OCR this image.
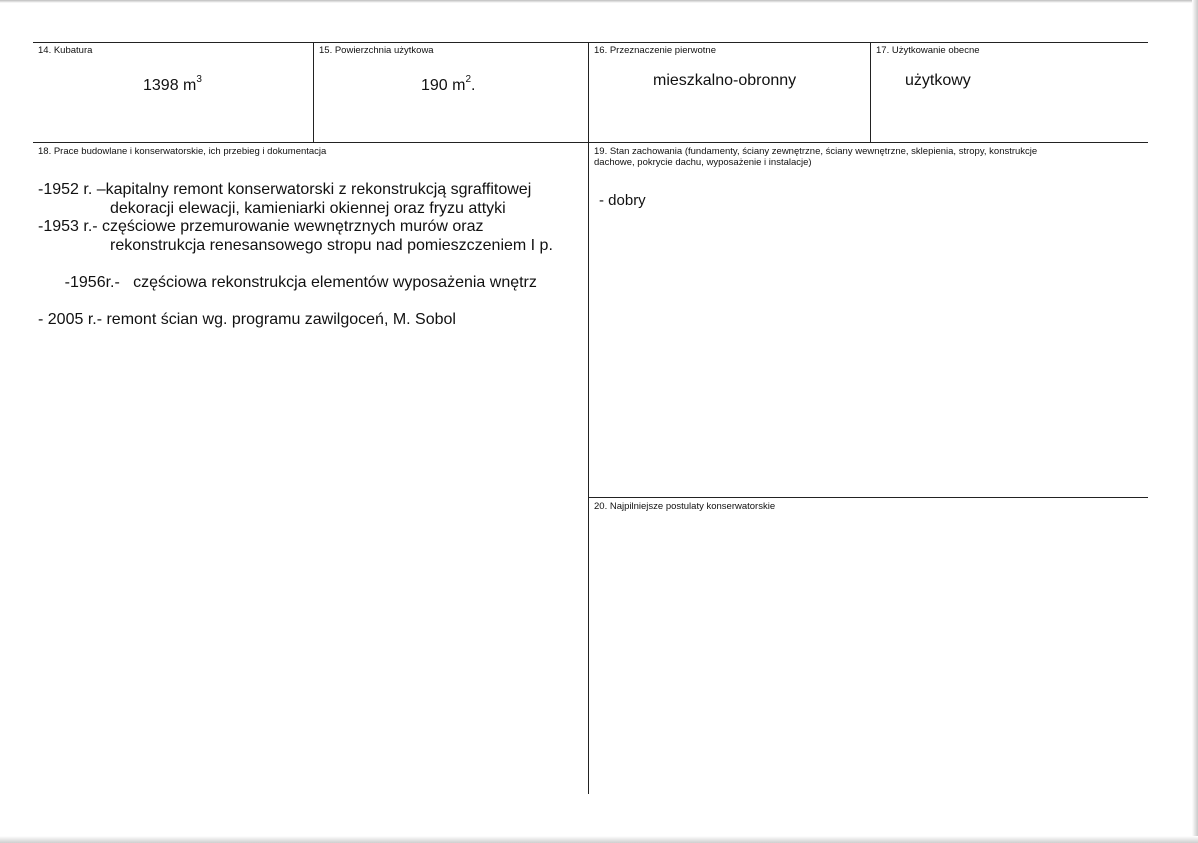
14. Kubatura
1398 $m^3$
15. Powierzchnia użytkowa
190 $m^2$.
16. Przeznaczenie pierwotne
mieszkalno-obronny
17. Użytkowanie obecne
użytkowy
18. Prace budowlane i konserwatorskie, ich przebieg i dokumentacja
-1952 r. –kapitalny remont konserwatorski z rekonstrukcją sgraffitowej
dekoracji elewacji, kamieniarki okiennej oraz fryzu attyki
-1953 r.- częściowe przemurowanie wewnętrznych murów oraz
rekonstrukcja renesansowego stropu nad pomieszczeniem I p.

-1956r.-   częściowa rekonstrukcja elementów wyposażenia wnętrz

- 2005 r.- remont ścian wg. programu zawilgoceń, M. Sobol
19. Stan zachowania (fundamenty, ściany zewnętrzne, ściany wewnętrzne, sklepienia, stropy, konstrukcje dachowe, pokrycie dachu, wyposażenie i instalacje)
- dobry
20. Najpilniejsze postulaty konserwatorskie
